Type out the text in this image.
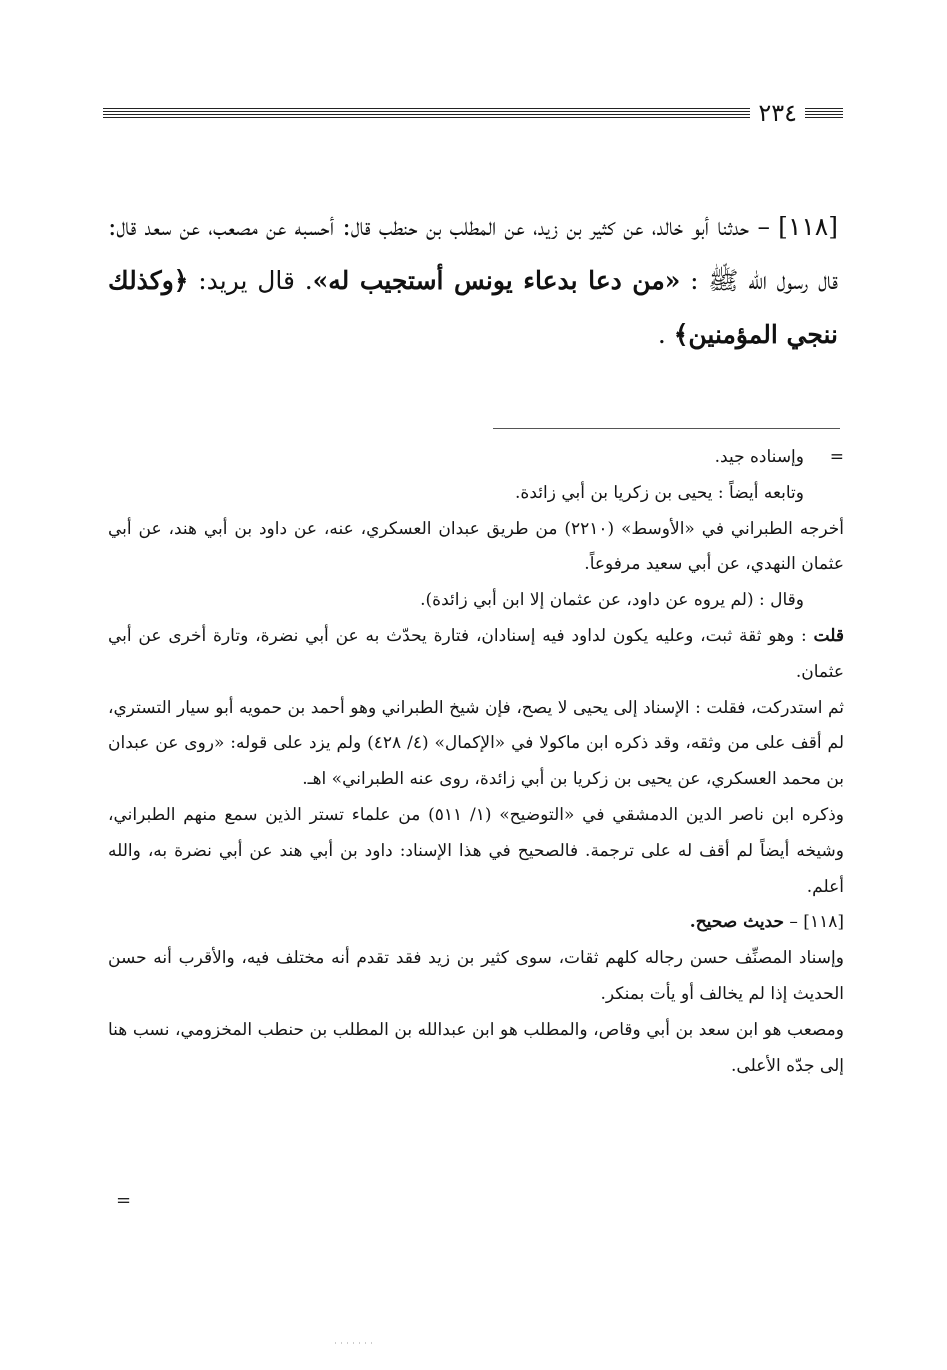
٢٣٤
[١١٨] – حدثنا أبو خالد، عن كثير بن زيد، عن المطلب بن حنطب قال: أحسبه عن مصعب، عن سعد قال: قال رسول الله ﷺ : «من دعا بدعاء يونس أستجيب له». قال يريد: ﴿وكذلك ننجي المؤمنين﴾ .

=وإسناده جيد.

وتابعه أيضاً : يحيى بن زكريا بن أبي زائدة.

أخرجه الطبراني في «الأوسط» (٢٢١٠) من طريق عبدان العسكري، عنه، عن داود بن أبي هند، عن أبي عثمان النهدي، عن أبي سعيد مرفوعاً.

وقال : (لم يروه عن داود، عن عثمان إلا ابن أبي زائدة).

قلت : وهو ثقة ثبت، وعليه يكون لداود فيه إسنادان، فتارة يحدّث به عن أبي نضرة، وتارة أخرى عن أبي عثمان.

ثم استدركت، فقلت : الإسناد إلى يحيى لا يصح، فإن شيخ الطبراني وهو أحمد بن حمويه أبو سيار التستري، لم أقف على من وثقه، وقد ذكره ابن ماكولا في «الإكمال» (٤/ ٤٢٨) ولم يزد على قوله: «روى عن عبدان بن محمد العسكري، عن يحيى بن زكريا بن أبي زائدة، روى عنه الطبراني» اهـ.

وذكره ابن ناصر الدين الدمشقي في «التوضيح» (١/ ٥١١) من علماء تستر الذين سمع منهم الطبراني، وشيخه أيضاً لم أقف له على ترجمة. فالصحيح في هذا الإسناد: داود بن أبي هند عن أبي نضرة به، والله أعلم.

[١١٨] – حديث صحيح.

وإسناد المصنِّف حسن رجاله كلهم ثقات، سوى كثير بن زيد فقد تقدم أنه مختلف فيه، والأقرب أنه حسن الحديث إذا لم يخالف أو يأت بمنكر.

ومصعب هو ابن سعد بن أبي وقاص، والمطلب هو ابن عبدالله بن المطلب بن حنطب المخزومي، نسب هنا إلى جدّه الأعلى.

=
